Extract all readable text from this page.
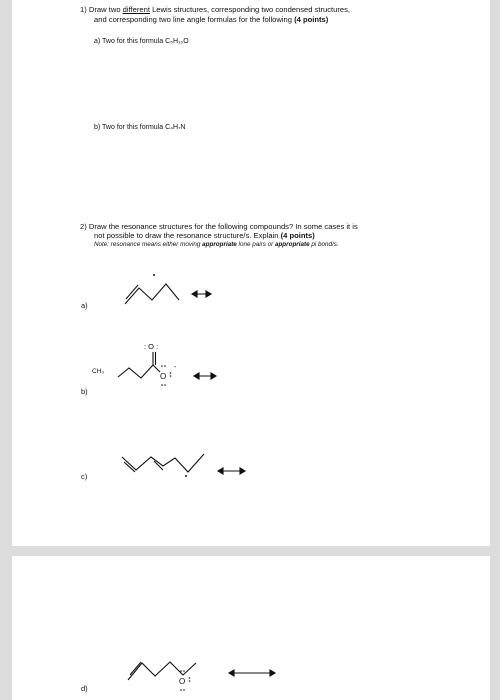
1) Draw two different Lewis structures, corresponding two condensed structures,
and corresponding two line angle formulas for the following (4 points)
a) Two for this formula C₅H₁₀O
b) Two for this formula C₄H₇N
2) Draw the resonance structures for the following compounds? In some cases it is
not possible to draw the resonance structure/s. Explain (4 points)
Note: resonance means either moving appropriate lone pairs or appropriate pi bond/s.
a)
b)
c)
CH₃
: O :
O
-
d)
O
